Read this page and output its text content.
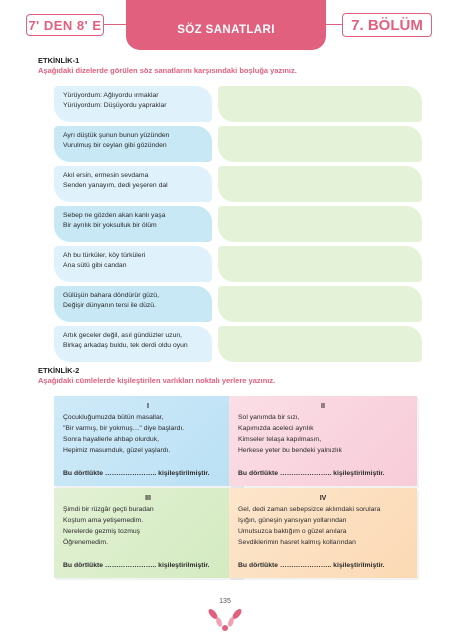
7' DEN 8' E	SÖZ SANATLARI	7. BÖLÜM
ETKİNLİK-1
Aşağıdaki dizelerde görülen söz sanatlarını karşısındaki boşluğa yazınız.
Yürüyordum: Ağlıyordu ırmaklar
Yürüyordum: Düşüyordu yapraklar
Ayrı düştük şunun bunun yüzünden
Vurulmuş bir ceylan gibi gözünden
Akıl ersin, ermesin sevdama
Senden yanayım, dedi yeşeren dal
Sebep ne gözden akan kanlı yaşa
Bir ayrılık bir yoksulluk bir ölüm
Ah bu türküler, köy türküleri
Ana sütü gibi candan
Gülüşün bahara döndürür güzü,
Değişir dünyanın tersi ile düzü.
Artık geceler değil, asıl gündüzler uzun,
Birkaç arkadaş buldu, tek derdi oldu oyun
ETKİNLİK-2
Aşağıdaki cümlelerde kişileştirilen varlıkları noktalı yerlere yazınız.
I
Çocukluğumuzda bütün masallar,
"Bir varmış, bir yokmuş…" diye başlardı.
Sonra hayallerle ahbap olurduk,
Hepimiz masumduk, güzel yaşlardı.
Bu dörtlükte ………………….. kişileştirilmiştir.
II
Sol yanımda bir sızı,
Kapımızda aceleci ayrılık
Kimseler telaşa kapılmasın,
Herkese yeter bu bendeki yalnızlık
Bu dörtlükte ………………….. kişileştirilmiştir.
III
Şimdi bir rüzgâr geçti buradan
Koştum ama yetişemedim.
Nerelerde gezmiş tozmuş
Öğrenemedim.
Bu dörtlükte ………………….. kişileştirilmiştir.
IV
Gel, dedi zaman sebepsizce aklımdaki sorulara
Işığın, güneşin yansıyan yollarından
Umutsuzca baktığım o güzel anılara
Sevdiklerimin hasret kalmış kollarından
Bu dörtlükte ………………….. kişileştirilmiştir.
135
